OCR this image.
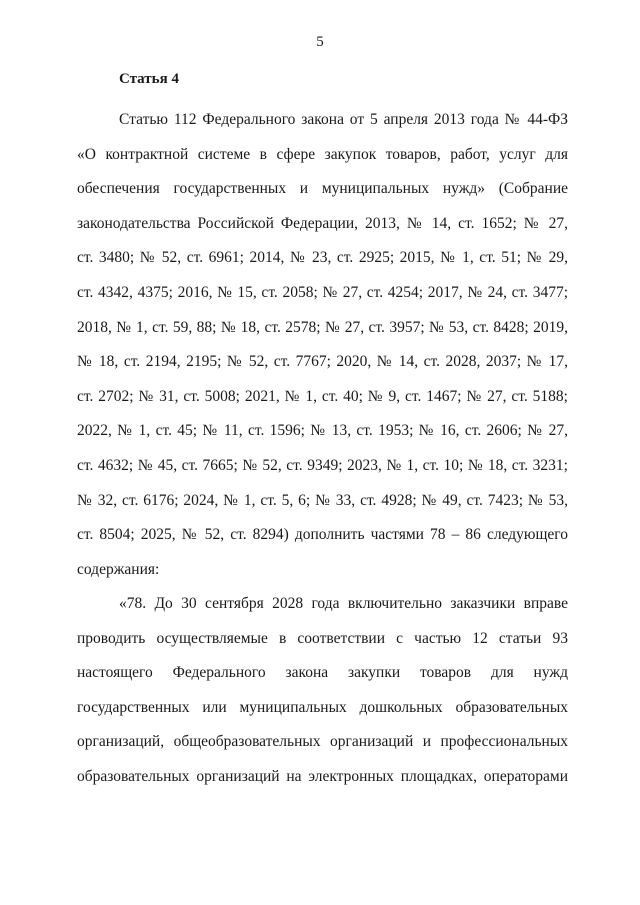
5
Статья 4
Статью 112 Федерального закона от 5 апреля 2013 года № 44-ФЗ
«О контрактной системе в сфере закупок товаров, работ, услуг для
обеспечения государственных и муниципальных нужд» (Собрание
законодательства Российской Федерации, 2013, № 14, ст. 1652; № 27,
ст. 3480; № 52, ст. 6961; 2014, № 23, ст. 2925; 2015, № 1, ст. 51; № 29,
ст. 4342, 4375; 2016, № 15, ст. 2058; № 27, ст. 4254; 2017, № 24, ст. 3477;
2018, № 1, ст. 59, 88; № 18, ст. 2578; № 27, ст. 3957; № 53, ст. 8428; 2019,
№ 18, ст. 2194, 2195; № 52, ст. 7767; 2020, № 14, ст. 2028, 2037; № 17,
ст. 2702; № 31, ст. 5008; 2021, № 1, ст. 40; № 9, ст. 1467; № 27, ст. 5188;
2022, № 1, ст. 45; № 11, ст. 1596; № 13, ст. 1953; № 16, ст. 2606; № 27,
ст. 4632; № 45, ст. 7665; № 52, ст. 9349; 2023, № 1, ст. 10; № 18, ст. 3231;
№ 32, ст. 6176; 2024, № 1, ст. 5, 6; № 33, ст. 4928; № 49, ст. 7423; № 53,
ст. 8504; 2025, № 52, ст. 8294) дополнить частями 78 – 86 следующего
содержания:
«78. До 30 сентября 2028 года включительно заказчики вправе
проводить осуществляемые в соответствии с частью 12 статьи 93
настоящего Федерального закона закупки товаров для нужд
государственных или муниципальных дошкольных образовательных
организаций, общеобразовательных организаций и профессиональных
образовательных организаций на электронных площадках, операторами
